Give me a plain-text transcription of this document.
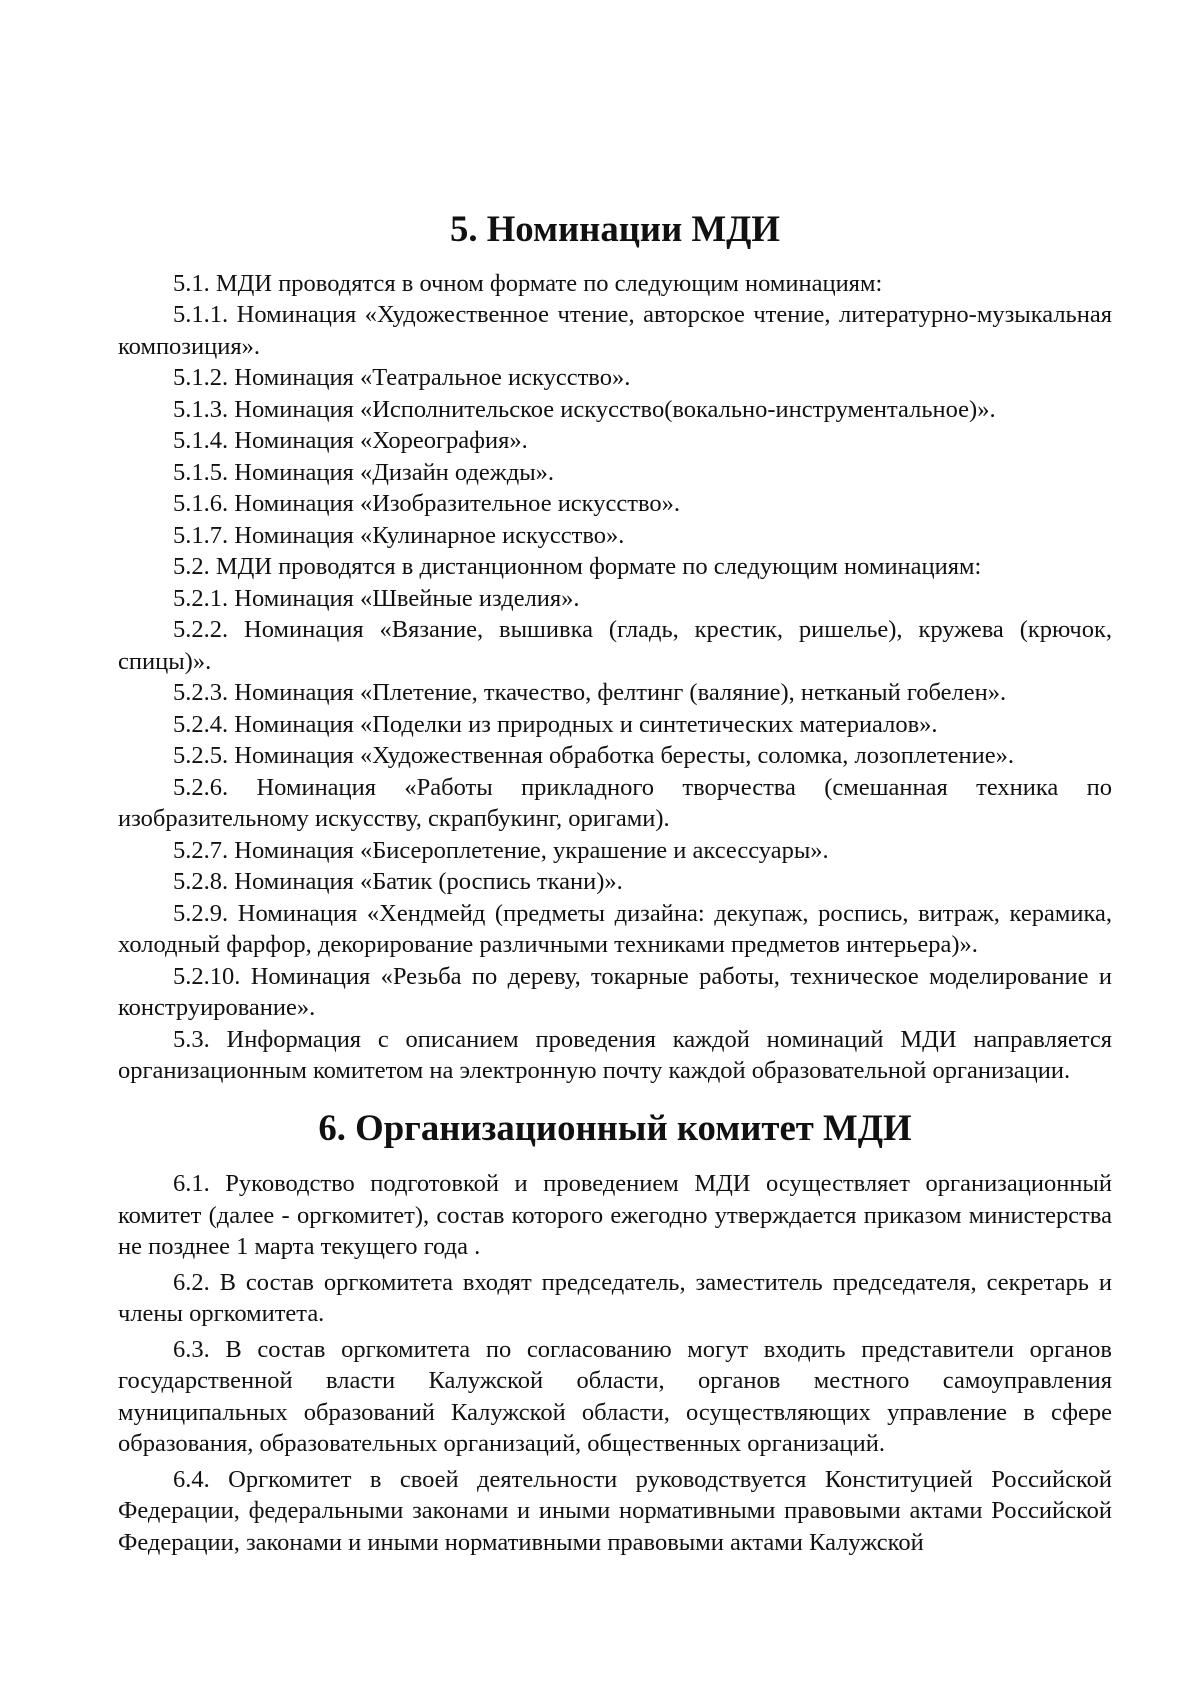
5. Номинации МДИ

5.1. МДИ проводятся в очном формате по следующим номинациям:

5.1.1. Номинация «Художественное чтение, авторское чтение, литературно-музыкальная композиция».

5.1.2. Номинация «Театральное искусство».

5.1.3. Номинация «Исполнительское искусство(вокально-инструментальное)».

5.1.4. Номинация «Хореография».

5.1.5. Номинация «Дизайн одежды».

5.1.6. Номинация «Изобразительное искусство».

5.1.7. Номинация «Кулинарное искусство».

5.2. МДИ проводятся в дистанционном формате по следующим номинациям:

5.2.1. Номинация «Швейные изделия».

5.2.2. Номинация «Вязание, вышивка (гладь, крестик, ришелье), кружева (крючок, спицы)».

5.2.3. Номинация «Плетение, ткачество, фелтинг (валяние), нетканый гобелен».

5.2.4. Номинация «Поделки из природных и синтетических материалов».

5.2.5. Номинация «Художественная обработка бересты, соломка, лозоплетение».

5.2.6. Номинация «Работы прикладного творчества (смешанная техника по изобразительному искусству, скрапбукинг, оригами).

5.2.7. Номинация «Бисероплетение, украшение и аксессуары».

5.2.8. Номинация «Батик (роспись ткани)».

5.2.9. Номинация «Хендмейд (предметы дизайна: декупаж, роспись, витраж, керамика, холодный фарфор, декорирование различными техниками предметов интерьера)».

5.2.10. Номинация «Резьба по дереву, токарные работы, техническое моделирование и конструирование».

5.3. Информация с описанием проведения каждой номинаций МДИ направляется организационным комитетом на электронную почту каждой образовательной организации.

6. Организационный комитет МДИ

6.1. Руководство подготовкой и проведением МДИ осуществляет организационный комитет (далее - оргкомитет), состав которого ежегодно утверждается приказом министерства не позднее 1 марта текущего года .

6.2. В состав оргкомитета входят председатель, заместитель председателя, секретарь и члены оргкомитета.

6.3. В состав оргкомитета по согласованию могут входить представители органов государственной власти Калужской области, органов местного самоуправления муниципальных образований Калужской области, осуществляющих управление в сфере образования, образовательных организаций, общественных организаций.

6.4. Оргкомитет в своей деятельности руководствуется Конституцией Российской Федерации, федеральными законами и иными нормативными правовыми актами Российской Федерации, законами и иными нормативными правовыми актами Калужской
